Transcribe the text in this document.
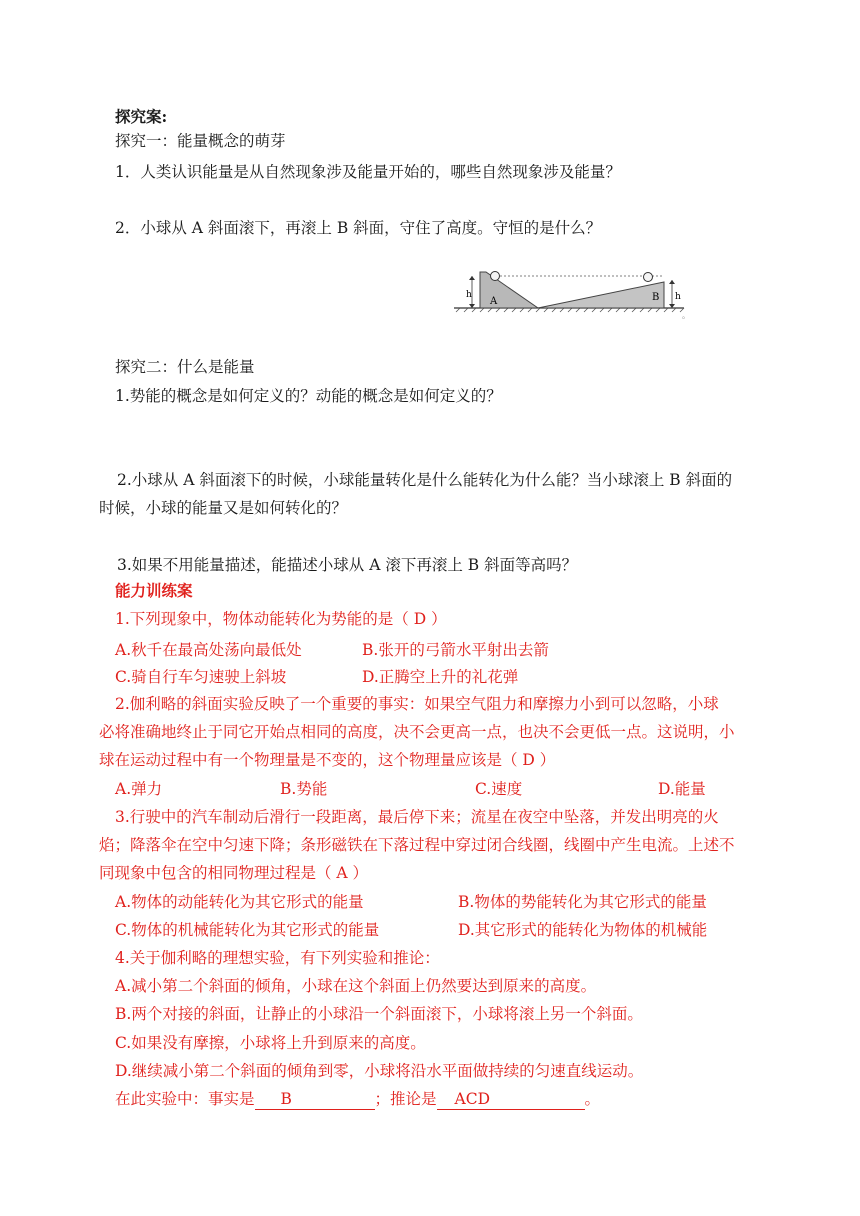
探究案:
探究一：能量概念的萌芽
1．人类认识能量是从自然现象涉及能量开始的，哪些自然现象涉及能量？
2．小球从 A 斜面滚下，再滚上 B 斜面，守住了高度。守恒的是什么？
h	h
A	B
。
探究二：什么是能量
1.势能的概念是如何定义的？动能的概念是如何定义的？
2.小球从 A 斜面滚下的时候，小球能量转化是什么能转化为什么能？当小球滚上 B 斜面的
时候，小球的能量又是如何转化的？
3.如果不用能量描述，能描述小球从 A 滚下再滚上 B 斜面等高吗？
能力训练案
1.下列现象中，物体动能转化为势能的是（ D ）
A.秋千在最高处荡向最低处	B.张开的弓箭水平射出去箭
C.骑自行车匀速驶上斜坡	D.正腾空上升的礼花弹
2.伽利略的斜面实验反映了一个重要的事实：如果空气阻力和摩擦力小到可以忽略，小球
必将准确地终止于同它开始点相同的高度，决不会更高一点，也决不会更低一点。这说明，小
球在运动过程中有一个物理量是不变的，这个物理量应该是（ D ）
A.弹力	B.势能	C.速度	D.能量
3.行驶中的汽车制动后滑行一段距离，最后停下来；流星在夜空中坠落，并发出明亮的火
焰；降落伞在空中匀速下降；条形磁铁在下落过程中穿过闭合线圈，线圈中产生电流。上述不
同现象中包含的相同物理过程是（ A ）
A.物体的动能转化为其它形式的能量	B.物体的势能转化为其它形式的能量
C.物体的机械能转化为其它形式的能量	D.其它形式的能转化为物体的机械能
4.关于伽利略的理想实验，有下列实验和推论：
A.减小第二个斜面的倾角，小球在这个斜面上仍然要达到原来的高度。
B.两个对接的斜面，让静止的小球沿一个斜面滚下，小球将滚上另一个斜面。
C.如果没有摩擦，小球将上升到原来的高度。
D.继续减小第二个斜面的倾角到零，小球将沿水平面做持续的匀速直线运动。
在此实验中：事实是 B	；推论是 ACD	。
